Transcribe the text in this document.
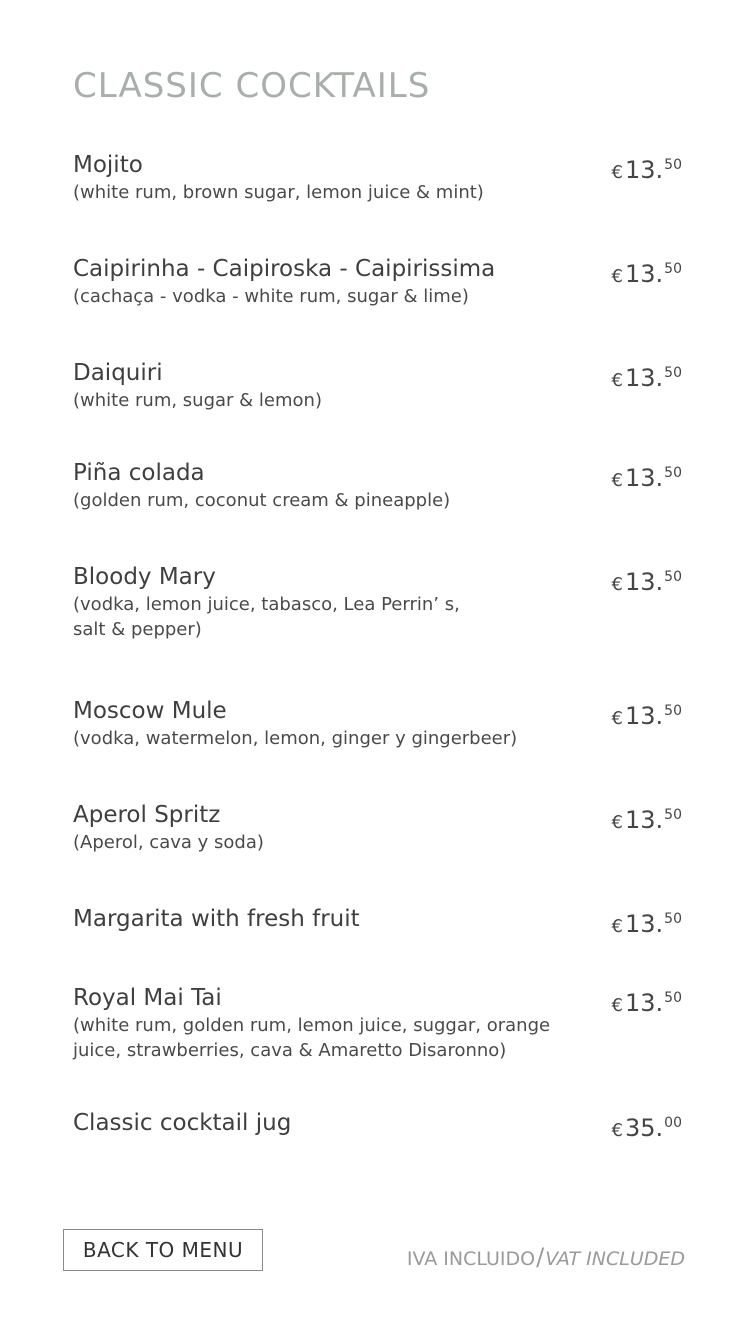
CLASSIC COCKTAILS
Mojito
(white rum, brown sugar, lemon juice & mint)
€13.50
Caipirinha - Caipiroska - Caipirissima
(cachaça - vodka - white rum, sugar & lime)
€13.50
Daiquiri
(white rum, sugar & lemon)
€13.50
Piña colada
(golden rum, coconut cream & pineapple)
€13.50
Bloody Mary
(vodka, lemon juice, tabasco, Lea Perrin’ s, salt & pepper)
€13.50
Moscow Mule
(vodka, watermelon, lemon, ginger y gingerbeer)
€13.50
Aperol Spritz
(Aperol, cava y soda)
€13.50
Margarita with fresh fruit	€13.50
Royal Mai Tai
(white rum, golden rum, lemon juice, suggar, orange juice, strawberries, cava & Amaretto Disaronno)
€13.50
Classic cocktail jug	€35.00
BACK TO MENU	IVA INCLUIDO/VAT INCLUDED
